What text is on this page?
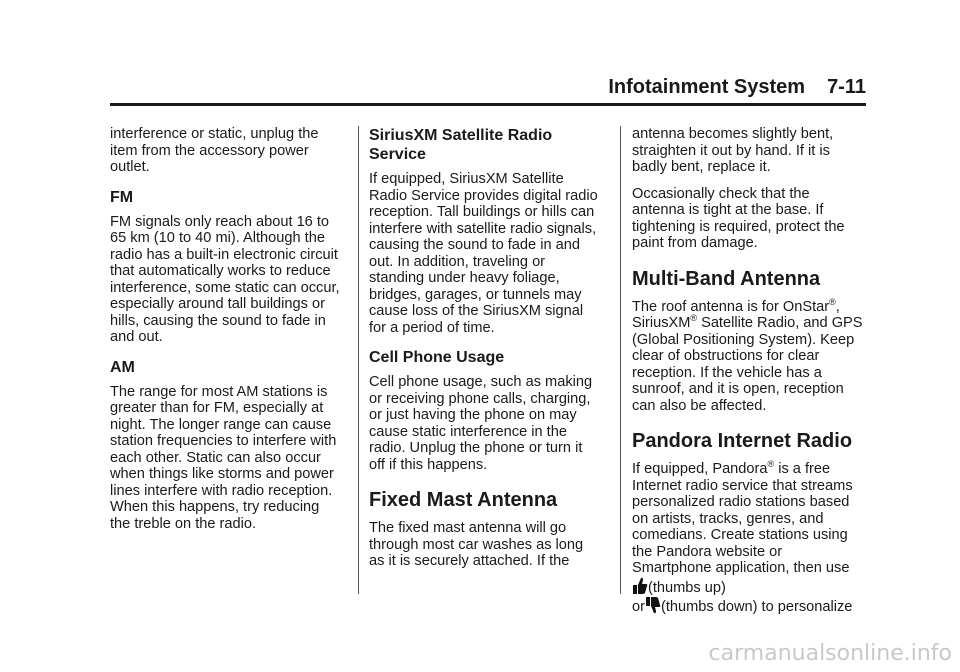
Infotainment System 7-11

interference or static, unplug the item from the accessory power outlet.

FM

FM signals only reach about 16 to 65 km (10 to 40 mi). Although the radio has a built-in electronic circuit that automatically works to reduce interference, some static can occur, especially around tall buildings or hills, causing the sound to fade in and out.

AM

The range for most AM stations is greater than for FM, especially at night. The longer range can cause station frequencies to interfere with each other. Static can also occur when things like storms and power lines interfere with radio reception. When this happens, try reducing the treble on the radio.

SiriusXM Satellite Radio Service

If equipped, SiriusXM Satellite Radio Service provides digital radio reception. Tall buildings or hills can interfere with satellite radio signals, causing the sound to fade in and out. In addition, traveling or standing under heavy foliage, bridges, garages, or tunnels may cause loss of the SiriusXM signal for a period of time.

Cell Phone Usage

Cell phone usage, such as making or receiving phone calls, charging, or just having the phone on may cause static interference in the radio. Unplug the phone or turn it off if this happens.

Fixed Mast Antenna

The fixed mast antenna will go through most car washes as long as it is securely attached. If the

antenna becomes slightly bent, straighten it out by hand. If it is badly bent, replace it.

Occasionally check that the antenna is tight at the base. If tightening is required, protect the paint from damage.

Multi-Band Antenna

The roof antenna is for OnStar®, SiriusXM® Satellite Radio, and GPS (Global Positioning System). Keep clear of obstructions for clear reception. If the vehicle has a sunroof, and it is open, reception can also be affected.

Pandora Internet Radio

If equipped, Pandora® is a free Internet radio service that streams personalized radio stations based on artists, tracks, genres, and comedians. Create stations using the Pandora website or Smartphone application, then use(thumbs up)
or (thumbs down) to personalize

carmanualsonline.info
